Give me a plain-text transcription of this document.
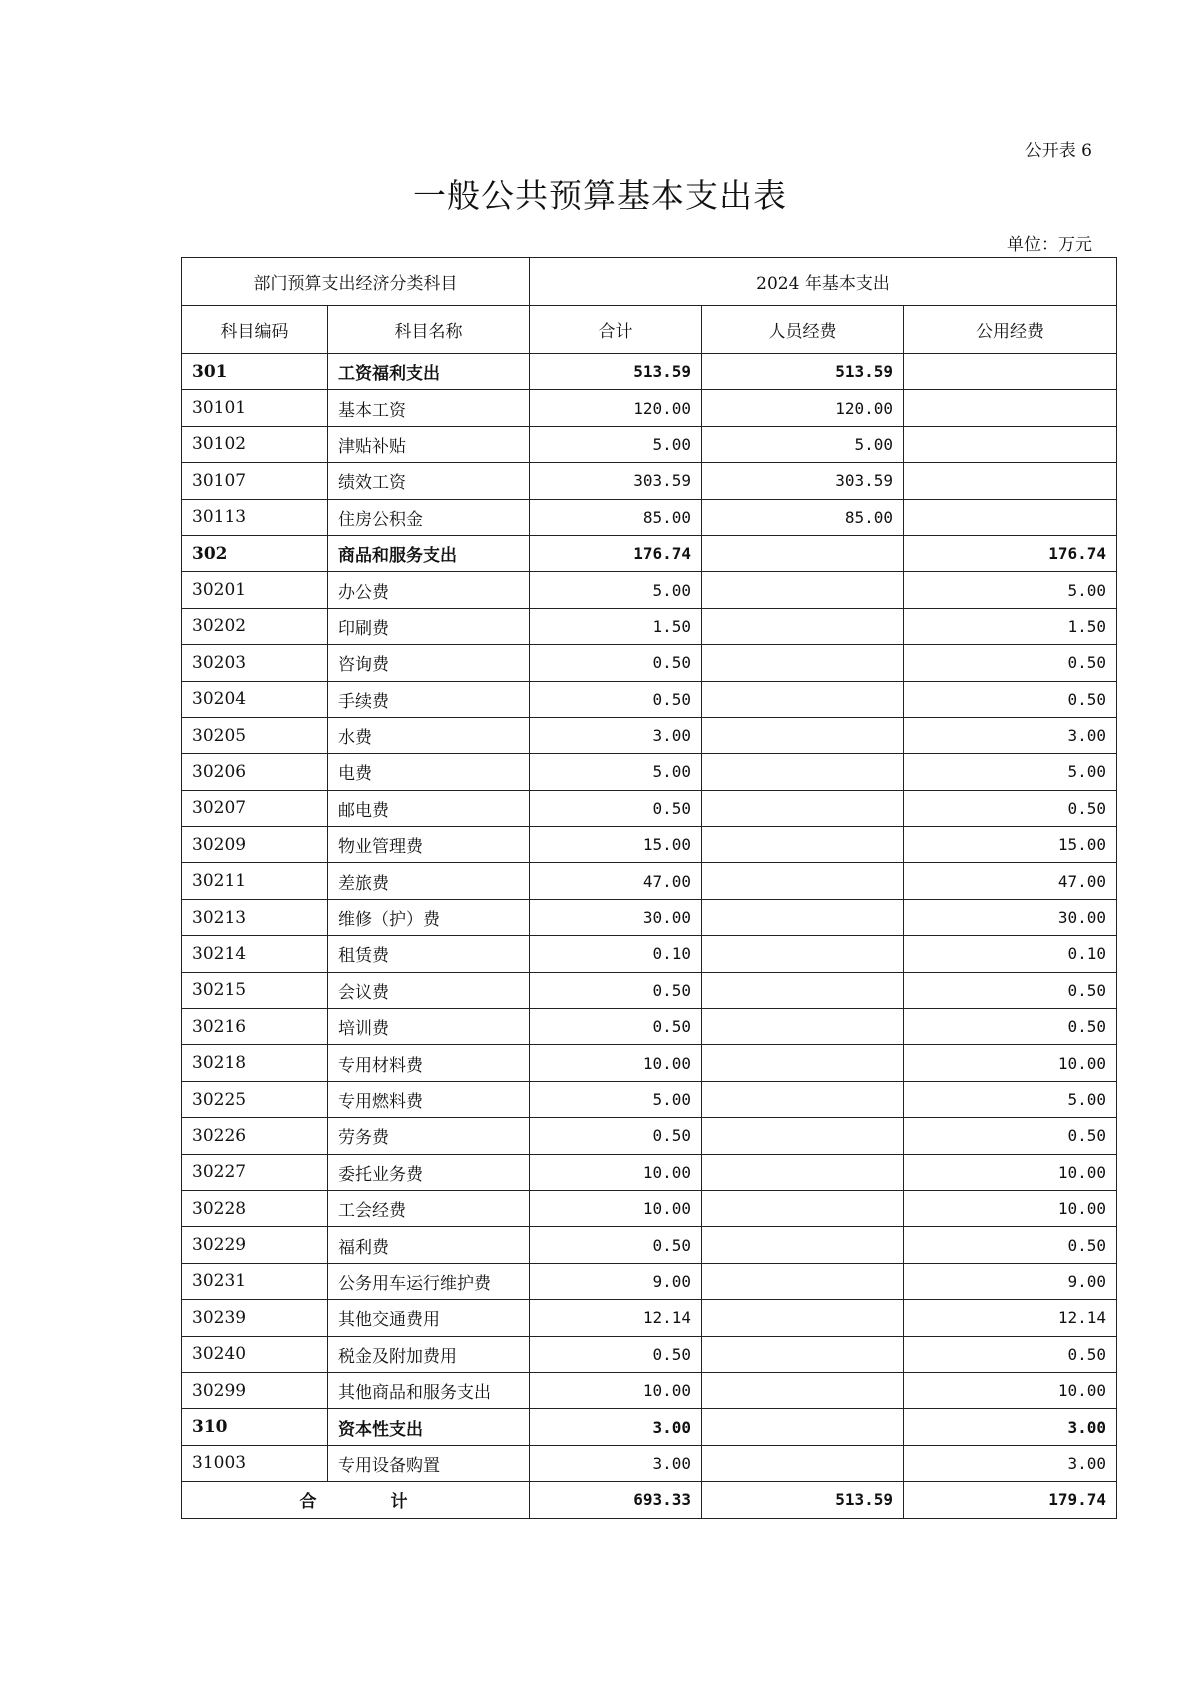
公开表 6
一般公共预算基本支出表
单位：万元
部门预算支出经济分类科目		2024 年基本支出		
科目编码	科目名称	合计	人员经费	公用经费
301	工资福利支出	513.59	513.59	
30101	基本工资	120.00	120.00	
30102	津贴补贴	5.00	5.00	
30107	绩效工资	303.59	303.59	
30113	住房公积金	85.00	85.00	
302	商品和服务支出	176.74		176.74
30201	办公费	5.00		5.00
30202	印刷费	1.50		1.50
30203	咨询费	0.50		0.50
30204	手续费	0.50		0.50
30205	水费	3.00		3.00
30206	电费	5.00		5.00
30207	邮电费	0.50		0.50
30209	物业管理费	15.00		15.00
30211	差旅费	47.00		47.00
30213	维修（护）费	30.00		30.00
30214	租赁费	0.10		0.10
30215	会议费	0.50		0.50
30216	培训费	0.50		0.50
30218	专用材料费	10.00		10.00
30225	专用燃料费	5.00		5.00
30226	劳务费	0.50		0.50
30227	委托业务费	10.00		10.00
30228	工会经费	10.00		10.00
30229	福利费	0.50		0.50
30231	公务用车运行维护费	9.00		9.00
30239	其他交通费用	12.14		12.14
30240	税金及附加费用	0.50		0.50
30299	其他商品和服务支出	10.00		10.00
310	资本性支出	3.00		3.00
31003	专用设备购置	3.00		3.00
合 计		693.33	513.59	179.74
